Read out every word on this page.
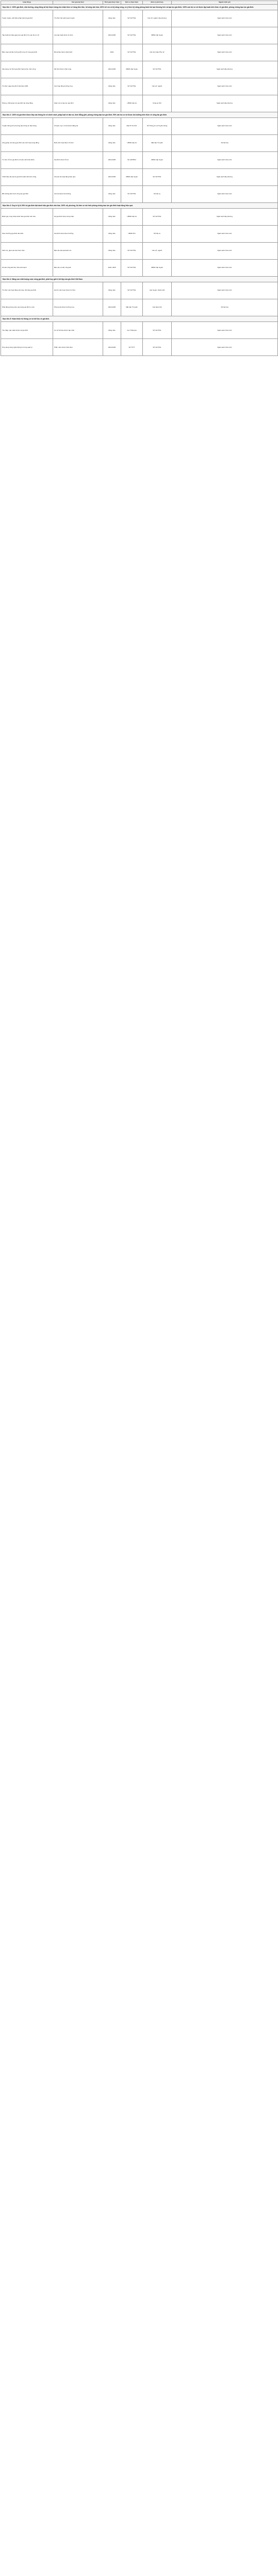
Hoạt động	Kết quả dự kiến	Thời gian thực hiện	Đơn vị thực hiện	Đơn vị phối hợp	Nguồn kinh phí
Mục tiêu 1: 100% gia đình, nhà trường, cộng đồng xã hội được trang cho nhận thức về hàng đồn đức, lối sống văn hóa, 100% trẻ em có kỹ năng sống, có ý thức kỹ năng phòng tránh tai nạn thương tích và bạo lực gia đình; 100% cán bộ cơ sở được tập huấn kiến thức về gia đình, phòng chống bạo lực gia đình.					
Tuyên truyền, phổ biến pháp luật về gia đình	Tổ chức hội nghị tuyên truyền	Hằng năm	Sở VHTTDL	Các sở, ngành, địa phương	Ngân sách nhà nước
Tập huấn kỹ năng giáo dục gia đình cho cán bộ cơ sở	Lớp tập huấn được tổ chức	2022-2025	Sở VHTTDL	UBND cấp huyện	Ngân sách nhà nước
Biên soạn tài liệu hướng dẫn ứng xử trong gia đình	Bộ tài liệu được phát hành	2022	Sở VHTTDL	Hội Liên hiệp Phụ nữ	Ngân sách nhà nước
Xây dựng mô hình gia đình hạnh phúc, bền vững	Mô hình được nhân rộng	2022-2025	UBND cấp huyện	Sở VHTTDL	Ngân sách địa phương
Tổ chức ngày Gia đình Việt Nam 28/6	Các hoạt động hưởng ứng	Hằng năm	Sở VHTTDL	Các sở, ngành	Ngân sách nhà nước
Phòng, chống bạo lực gia đình tại cộng đồng	Giảm số vụ bạo lực gia đình	Hằng năm	UBND cấp xã	Công an tỉnh	Ngân sách địa phương
Mục tiêu 2: 100% hộ gia đình được tiếp cận thông tin về chính sách, pháp luật về dân số, bình đẳng giới, phòng chống bạo lực gia đình; 90% cán bộ cơ sở được bồi dưỡng kiến thức về công tác gia đình.					
Truyền thông trên phương tiện thông tin đại chúng	Chuyên mục, tin bài được đăng tải	Hằng năm	Đài PT-TH tỉnh	Sở Thông tin và Truyền thông	Ngân sách nhà nước
Lồng ghép nội dung gia đình vào sinh hoạt cộng đồng	Buổi sinh hoạt được tổ chức	Hằng năm	UBND cấp xã	Mặt trận Tổ quốc	Xã hội hóa
Tư vấn, hỗ trợ gia đình có hoàn cảnh khó khăn	Gia đình được hỗ trợ	2022-2025	Sở LĐTBXH	UBND cấp huyện	Ngân sách nhà nước
Thành lập câu lạc bộ gia đình phát triển bền vững	Câu lạc bộ hoạt động hiệu quả	2022-2025	UBND cấp huyện	Sở VHTTDL	Ngân sách địa phương
Bồi dưỡng kiến thức công tác gia đình	Cán bộ được bồi dưỡng	Hằng năm	Sở VHTTDL	Sở Nội vụ	Ngân sách nhà nước
Mục tiêu 3: Duy trì tỷ lệ 90% hộ gia đình đạt danh hiệu gia đình văn hóa; 100% xã, phường, thị trấn có mô hình phòng chống bạo lực gia đình hoạt động hiệu quả.					
Đánh giá, công nhận danh hiệu gia đình văn hóa	Hộ gia đình được công nhận	Hằng năm	UBND cấp xã	Sở VHTTDL	Ngân sách địa phương
Khen thưởng gia đình tiêu biểu	Gia đình được khen thưởng	Hằng năm	UBND tỉnh	Sở Nội vụ	Ngân sách nhà nước
Kiểm tra, giám sát việc thực hiện	Báo cáo kết quả kiểm tra	Hằng năm	Sở VHTTDL	Các sở, ngành	Ngân sách nhà nước
Sơ kết, tổng kết thực hiện kế hoạch	Báo cáo sơ kết, tổng kết	2023, 2025	Sở VHTTDL	UBND cấp huyện	Ngân sách nhà nước
Mục tiêu 4: Nâng cao chất lượng cuộc sống gia đình, phát huy giá trị tốt đẹp của gia đình Việt Nam.					
Tổ chức các hoạt động văn hóa, thể thao gia đình	Hội thi, liên hoan được tổ chức	Hằng năm	Sở VHTTDL	Các huyện, thành phố	Ngân sách nhà nước
Phát động phong trào xây dựng gia đình no ấm	Phong trào được hưởng ứng	2022-2025	Mặt trận Tổ quốc	Các đoàn thể	Xã hội hóa
Mục tiêu 5: Hoàn thiện hệ thống cơ sở dữ liệu về gia đình.					
Thu thập, cập nhật số liệu về gia đình	Cơ sở dữ liệu được cập nhật	Hằng năm	Cục Thống kê	Sở VHTTDL	Ngân sách nhà nước
Ứng dụng công nghệ thông tin trong quản lý	Phần mềm được triển khai	2023-2025	Sở TTTT	Sở VHTTDL	Ngân sách nhà nước
